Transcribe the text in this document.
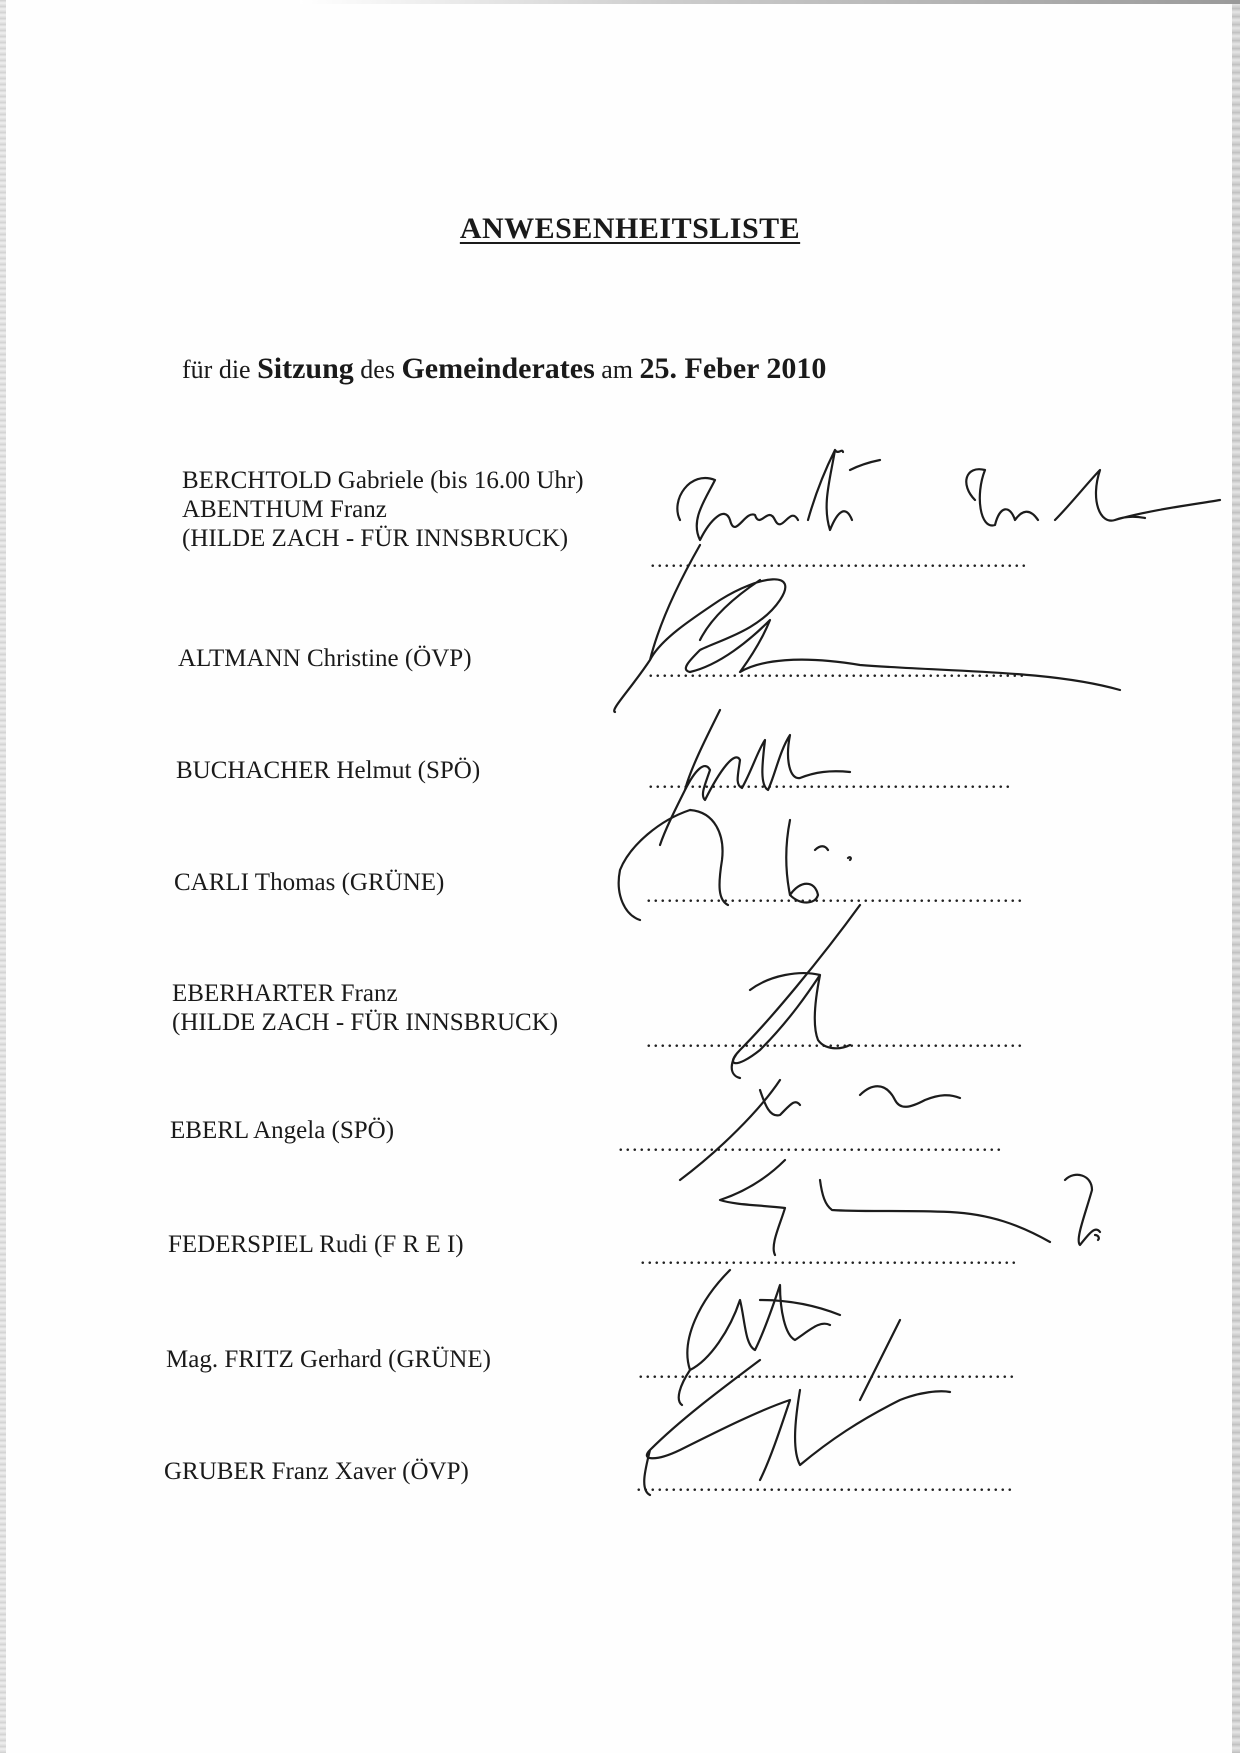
ANWESENHEITSLISTE
für die Sitzung des Gemeinderates am 25. Feber 2010
BERCHTOLD Gabriele (bis 16.00 Uhr)
ABENTHUM Franz
(HILDE ZACH - FÜR INNSBRUCK)
......................................................
ALTMANN Christine (ÖVP)	......................................................
BUCHACHER Helmut (SPÖ)	....................................................
CARLI Thomas (GRÜNE)	......................................................
EBERHARTER Franz
(HILDE ZACH - FÜR INNSBRUCK)
......................................................
EBERL Angela (SPÖ)	.......................................................
FEDERSPIEL Rudi (F R E I)	......................................................
Mag. FRITZ Gerhard (GRÜNE)	......................................................
GRUBER Franz Xaver (ÖVP)	......................................................
